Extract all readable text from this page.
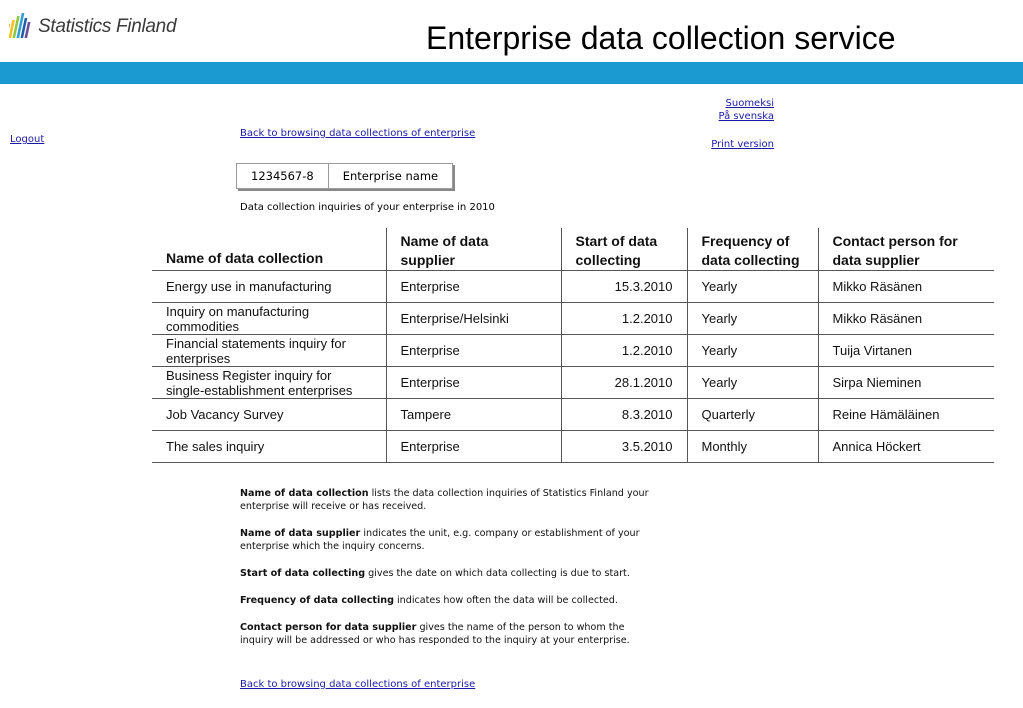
Statistics Finland	Enterprise data collection service
Logout
Suomeksi
På svenska
Print version
Back to browsing data collections of enterprise
1234567-8	Enterprise name
Data collection inquiries of your enterprise in 2010
Name of data collection	Name of data supplier	Start of data collecting	Frequency of data collecting	Contact person for data supplier
Energy use in manufacturing	Enterprise	15.3.2010	Yearly	Mikko Räsänen
Inquiry on manufacturing commodities	Enterprise/Helsinki	1.2.2010	Yearly	Mikko Räsänen
Financial statements inquiry for enterprises	Enterprise	1.2.2010	Yearly	Tuija Virtanen
Business Register inquiry for single-establishment enterprises	Enterprise	28.1.2010	Yearly	Sirpa Nieminen
Job Vacancy Survey	Tampere	8.3.2010	Quarterly	Reine Hämäläinen
The sales inquiry	Enterprise	3.5.2010	Monthly	Annica Höckert

Name of data collection lists the data collection inquiries of Statistics Finland your enterprise will receive or has received.

Name of data supplier indicates the unit, e.g. company or establishment of your enterprise which the inquiry concerns.

Start of data collecting gives the date on which data collecting is due to start.

Frequency of data collecting indicates how often the data will be collected.

Contact person for data supplier gives the name of the person to whom the inquiry will be addressed or who has responded to the inquiry at your enterprise.

Back to browsing data collections of enterprise
